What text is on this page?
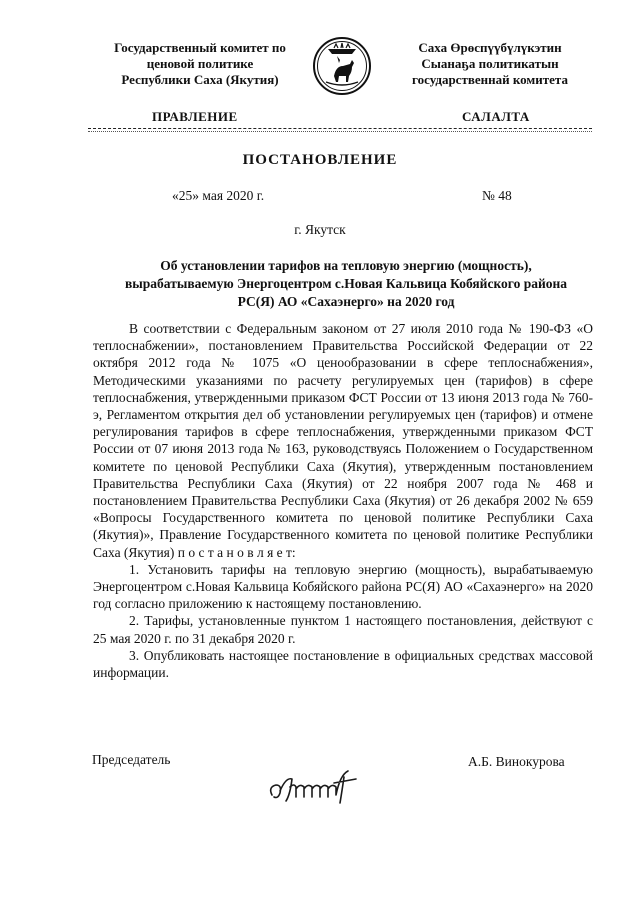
Государственный комитет по
ценовой политике
Республики Саха (Якутия)
Саха Өрөспүүбүлүкэтин
Сыанаҕа политикатын
государственнай комитета
ПРАВЛЕНИЕ	САЛАЛТА
ПОСТАНОВЛЕНИЕ
«25» мая 2020 г.	№ 48
г. Якутск
Об установлении тарифов на тепловую энергию (мощность),
вырабатываемую Энергоцентром с.Новая Кальвица Кобяйского района
РС(Я) АО «Сахаэнерго» на 2020 год

В соответствии с Федеральным законом от 27 июля 2010 года № 190-ФЗ «О теплоснабжении», постановлением Правительства Российской Федерации от 22 октября 2012 года № 1075 «О ценообразовании в сфере теплоснабжения», Методическими указаниями по расчету регулируемых цен (тарифов) в сфере теплоснабжения, утвержденными приказом ФСТ России от 13 июня 2013 года № 760-э, Регламентом открытия дел об установлении регулируемых цен (тарифов) и отмене регулирования тарифов в сфере теплоснабжения, утвержденными приказом ФСТ России от 07 июня 2013 года № 163, руководствуясь Положением о Государственном комитете по ценовой Республики Саха (Якутия), утвержденным постановлением Правительства Республики Саха (Якутия) от 22 ноября 2007 года № 468 и постановлением Правительства Республики Саха (Якутия) от 26 декабря 2002 № 659 «Вопросы Государственного комитета по ценовой политике Республики Саха (Якутия)», Правление Государственного комитета по ценовой политике Республики Саха (Якутия) п о с т а н о в л я е т:

1. Установить тарифы на тепловую энергию (мощность), вырабатываемую Энергоцентром с.Новая Кальвица Кобяйского района РС(Я) АО «Сахаэнерго» на 2020 год согласно приложению к настоящему постановлению.

2. Тарифы, установленные пунктом 1 настоящего постановления, действуют с 25 мая 2020 г. по 31 декабря 2020 г.

3. Опубликовать настоящее постановление в официальных средствах массовой информации.

Председатель	А.Б. Винокурова
